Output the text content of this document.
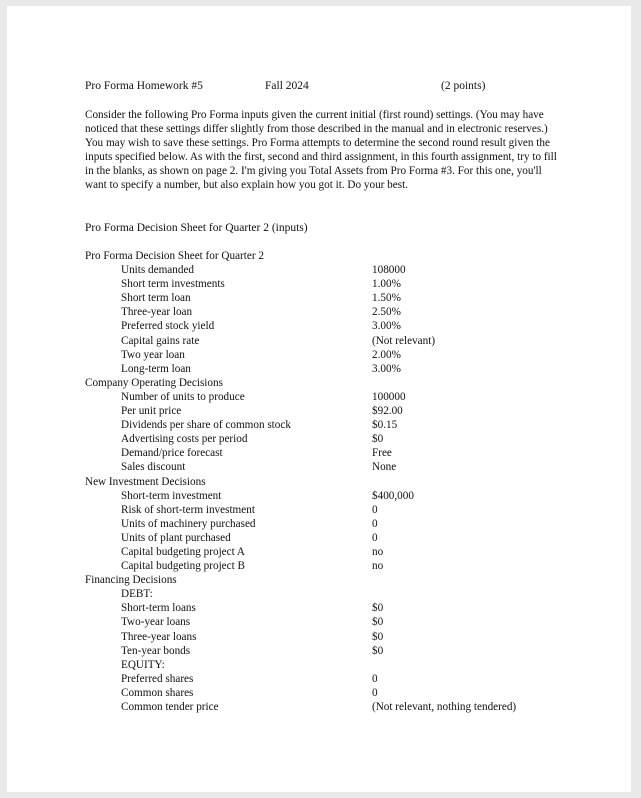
Pro Forma Homework #5	Fall 2024	(2 points)
Consider the following Pro Forma inputs given the current initial (first round) settings. (You may have noticed that these settings differ slightly from those described in the manual and in electronic reserves.) You may wish to save these settings. Pro Forma attempts to determine the second round result given the inputs specified below. As with the first, second and third assignment, in this fourth assignment, try to fill in the blanks, as shown on page 2. I'm giving you Total Assets from Pro Forma #3. For this one, you'll want to specify a number, but also explain how you got it. Do your best.
Pro Forma Decision Sheet for Quarter 2 (inputs)
Pro Forma Decision Sheet for Quarter 2
Units demanded	108000
Short term investments	1.00%
Short term loan	1.50%
Three-year loan	2.50%
Preferred stock yield	3.00%
Capital gains rate	(Not relevant)
Two year loan	2.00%
Long-term loan	3.00%
Company Operating Decisions
Number of units to produce	100000
Per unit price	$92.00
Dividends per share of common stock	$0.15
Advertising costs per period	$0
Demand/price forecast	Free
Sales discount	None
New Investment Decisions
Short-term investment	$400,000
Risk of short-term investment	0
Units of machinery purchased	0
Units of plant purchased	0
Capital budgeting project A	no
Capital budgeting project B	no
Financing Decisions
DEBT:
Short-term loans	$0
Two-year loans	$0
Three-year loans	$0
Ten-year bonds	$0
EQUITY:
Preferred shares	0
Common shares	0
Common tender price	(Not relevant, nothing tendered)
